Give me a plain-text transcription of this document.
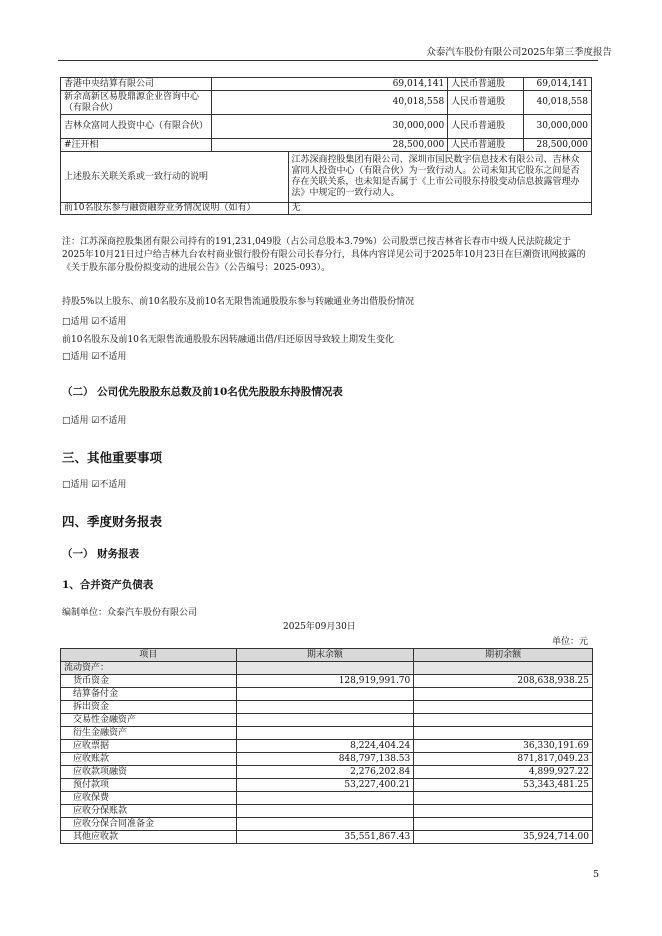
众泰汽车股份有限公司2025年第三季度报告
香港中央结算有限公司	69,014,141		人民币普通股	69,014,141
新余高新区易股鼎源企业咨询中心（有限合伙）	40,018,558		人民币普通股	40,018,558
吉林众富同人投资中心（有限合伙）	30,000,000		人民币普通股	30,000,000
#汪开相	28,500,000		人民币普通股	28,500,000
上述股东关联关系或一致行动的说明		江苏深商控股集团有限公司、深圳市国民数字信息技术有限公司、吉林众富同人投资中心（有限合伙）为一致行动人。公司未知其它股东之间是否存在关联关系，也未知是否属于《上市公司股东持股变动信息披露管理办法》中规定的一致行动人。		
前10名股东参与融资融券业务情况说明（如有）		无		
注：江苏深商控股集团有限公司持有的191,231,049股（占公司总股本3.79%）公司股票已按吉林省长春市中级人民法院裁定于2025年10月21日过户给吉林九台农村商业银行股份有限公司长春分行，具体内容详见公司于2025年10月23日在巨潮资讯网披露的《关于股东部分股份拟变动的进展公告》（公告编号：2025-093）。
持股5%以上股东、前10名股东及前10名无限售流通股股东参与转融通业务出借股份情况
□适用 ☑不适用
前10名股东及前10名无限售流通股股东因转融通出借/归还原因导致较上期发生变化
□适用 ☑不适用
（二） 公司优先股股东总数及前10名优先股股东持股情况表
□适用 ☑不适用
三、其他重要事项
□适用 ☑不适用
四、季度财务报表
（一） 财务报表
1、合并资产负债表
编制单位：众泰汽车股份有限公司
2025年09月30日
单位：元
项目	期末余额	期初余额
流动资产：		
货币资金	128,919,991.70	208,638,938.25
结算备付金		
拆出资金		
交易性金融资产		
衍生金融资产		
应收票据	8,224,404.24	36,330,191.69
应收账款	848,797,138.53	871,817,049.23
应收款项融资	2,276,202.84	4,899,927.22
预付款项	53,227,400.21	53,343,481.25
应收保费		
应收分保账款		
应收分保合同准备金		
其他应收款	35,551,867.43	35,924,714.00
5
